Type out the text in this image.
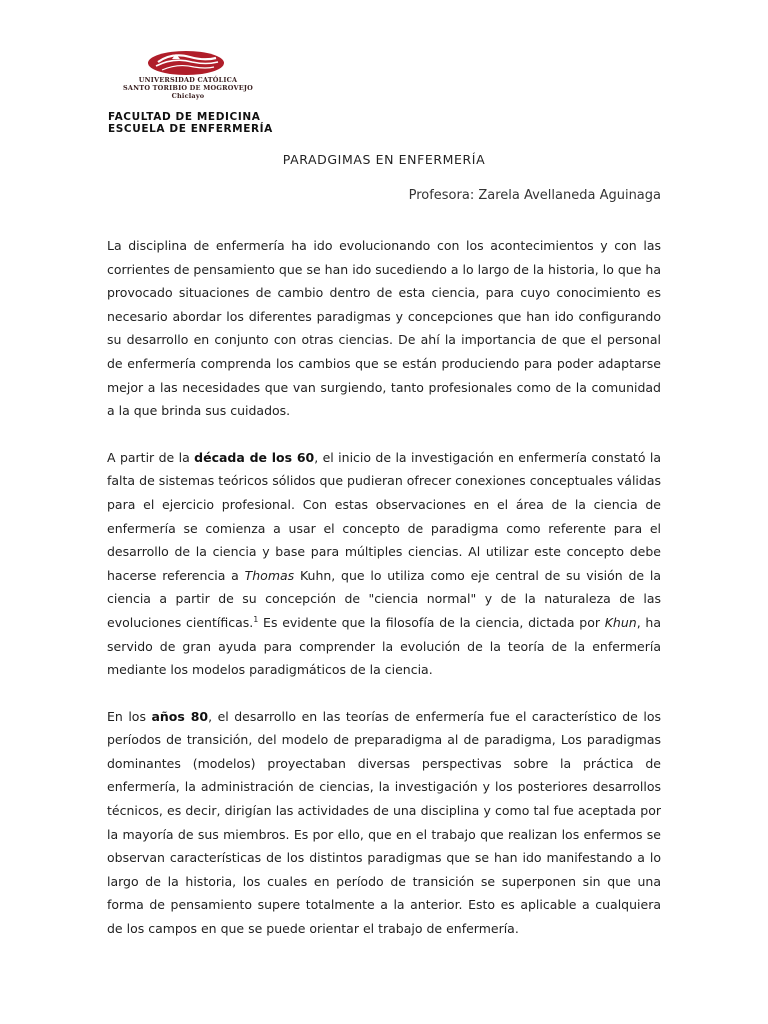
UNIVERSIDAD CATÓLICA
SANTO TORIBIO DE MOGROVEJO
Chiclayo
FACULTAD DE MEDICINA
ESCUELA DE ENFERMERÍA
PARADGIMAS EN ENFERMERÍA
Profesora: Zarela Avellaneda Aguinaga

La disciplina de enfermería ha ido evolucionando con los acontecimientos y con las corrientes de pensamiento que se han ido sucediendo a lo largo de la historia, lo que ha provocado situaciones de cambio dentro de esta ciencia, para cuyo conocimiento es necesario abordar los diferentes paradigmas y concepciones que han ido configurando su desarrollo en conjunto con otras ciencias. De ahí la importancia de que el personal de enfermería comprenda los cambios que se están produciendo para poder adaptarse mejor a las necesidades que van surgiendo, tanto profesionales como de la comunidad a la que brinda sus cuidados.

A partir de la década de los 60, el inicio de la investigación en enfermería constató la falta de sistemas teóricos sólidos que pudieran ofrecer conexiones conceptuales válidas para el ejercicio profesional. Con estas observaciones en el área de la ciencia de enfermería se comienza a usar el concepto de paradigma como referente para el desarrollo de la ciencia y base para múltiples ciencias. Al utilizar este concepto debe hacerse referencia a Thomas Kuhn, que lo utiliza como eje central de su visión de la ciencia a partir de su concepción de "ciencia normal" y de la naturaleza de las evoluciones científicas.$^1$ Es evidente que la filosofía de la ciencia, dictada por Khun, ha servido de gran ayuda para comprender la evolución de la teoría de la enfermería mediante los modelos paradigmáticos de la ciencia.

En los años 80, el desarrollo en las teorías de enfermería fue el característico de los períodos de transición, del modelo de preparadigma al de paradigma, Los paradigmas dominantes (modelos) proyectaban diversas perspectivas sobre la práctica de enfermería, la administración de ciencias, la investigación y los posteriores desarrollos técnicos, es decir, dirigían las actividades de una disciplina y como tal fue aceptada por la mayoría de sus miembros. Es por ello, que en el trabajo que realizan los enfermos se observan características de los distintos paradigmas que se han ido manifestando a lo largo de la historia, los cuales en período de transición se superponen sin que una forma de pensamiento supere totalmente a la anterior. Esto es aplicable a cualquiera de los campos en que se puede orientar el trabajo de enfermería.
